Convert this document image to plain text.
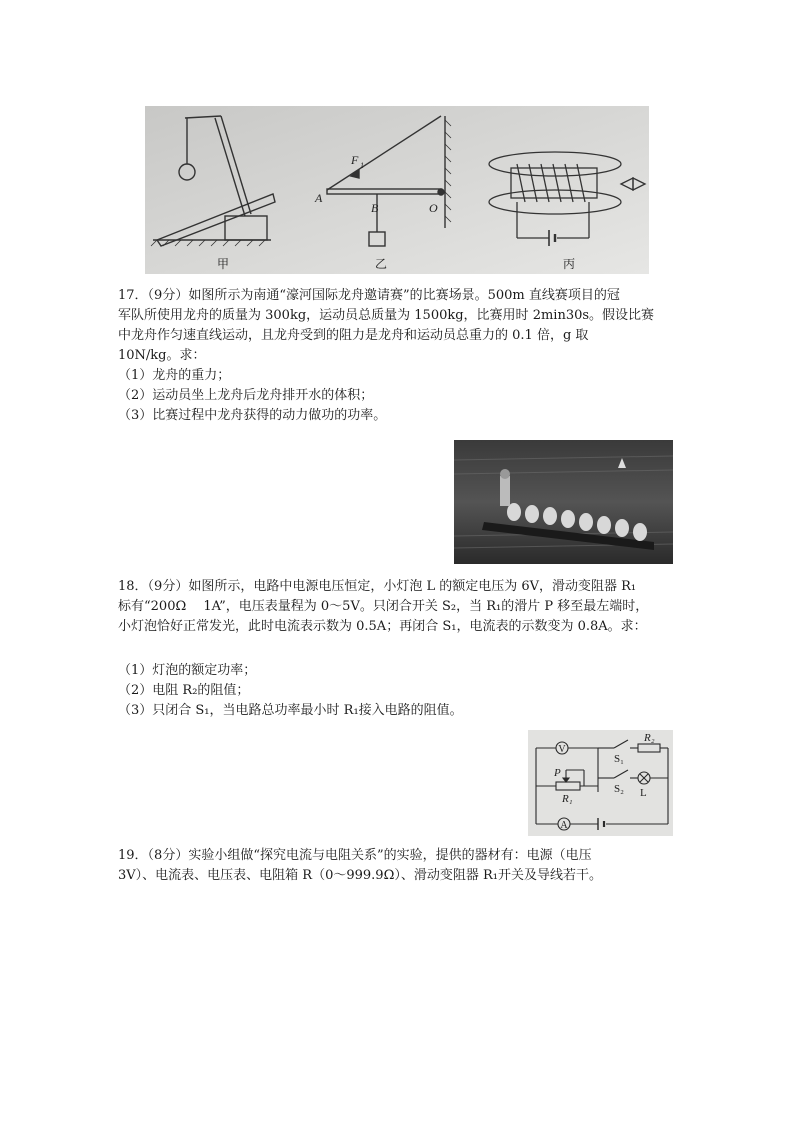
甲
F 1
A
B	O
乙	丙

17．（9分）如图所示为南通“濠河国际龙舟邀请赛”的比赛场景。500m 直线赛项目的冠

军队所使用龙舟的质量为 300kg，运动员总质量为 1500kg，比赛用时 2min30s。假设比赛

中龙舟作匀速直线运动，且龙舟受到的阻力是龙舟和运动员总重力的 0.1 倍，g 取

10N/kg。求：

（1）龙舟的重力；

（2）运动员坐上龙舟后龙舟排开水的体积；

（3）比赛过程中龙舟获得的动力做功的功率。

18．（9分）如图所示，电路中电源电压恒定，小灯泡 L 的额定电压为 6V，滑动变阻器 R₁

标有“200Ω　 1A”，电压表量程为 0～5V。只闭合开关 S₂，当 R₁的滑片 P 移至最左端时，

小灯泡恰好正常发光，此时电流表示数为 0.5A；再闭合 S₁，电流表的示数变为 0.8A。求：

（1）灯泡的额定功率；

（2）电阻 R₂的阻值；

（3）只闭合 S₁，当电路总功率最小时 R₁接入电路的阻值。

V
A
S₁
R₂
P
R₁
S₂ L

19．（8分）实验小组做“探究电流与电阻关系”的实验，提供的器材有：电源（电压

3V）、电流表、电压表、电阻箱 R（0～999.9Ω）、滑动变阻器 R₁开关及导线若干。
